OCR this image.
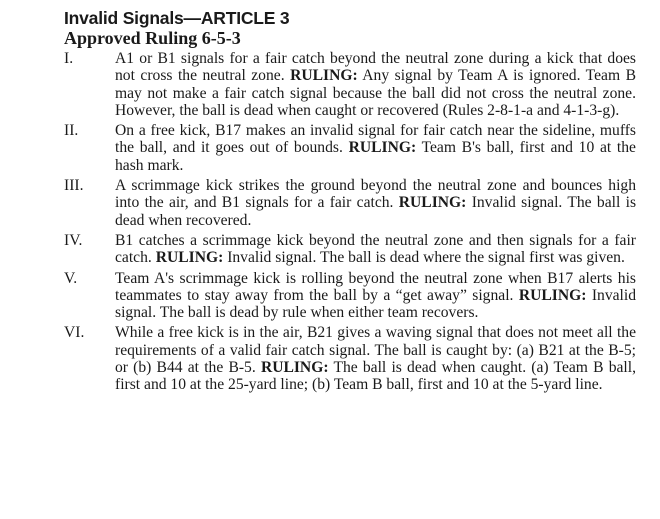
Invalid Signals—ARTICLE 3
Approved Ruling 6-5-3
I.	A1 or B1 signals for a fair catch beyond the neutral zone during a kick that does not cross the neutral zone. RULING: Any signal by Team A is ignored. Team B may not make a fair catch signal because the ball did not cross the neutral zone. However, the ball is dead when caught or recovered (Rules 2-8-1-a and 4-1-3-g).
II.	On a free kick, B17 makes an invalid signal for fair catch near the sideline, muffs the ball, and it goes out of bounds. RULING: Team B's ball, first and 10 at the hash mark.
III.	A scrimmage kick strikes the ground beyond the neutral zone and bounces high into the air, and B1 signals for a fair catch. RULING: Invalid signal. The ball is dead when recovered.
IV.	B1 catches a scrimmage kick beyond the neutral zone and then signals for a fair catch. RULING: Invalid signal. The ball is dead where the signal first was given.
V.	Team A's scrimmage kick is rolling beyond the neutral zone when B17 alerts his teammates to stay away from the ball by a “get away” signal. RULING: Invalid signal. The ball is dead by rule when either team recovers.
VI.	While a free kick is in the air, B21 gives a waving signal that does not meet all the requirements of a valid fair catch signal. The ball is caught by: (a) B21 at the B-5; or (b) B44 at the B-5. RULING: The ball is dead when caught. (a) Team B ball, first and 10 at the 25-yard line; (b) Team B ball, first and 10 at the 5-yard line.
